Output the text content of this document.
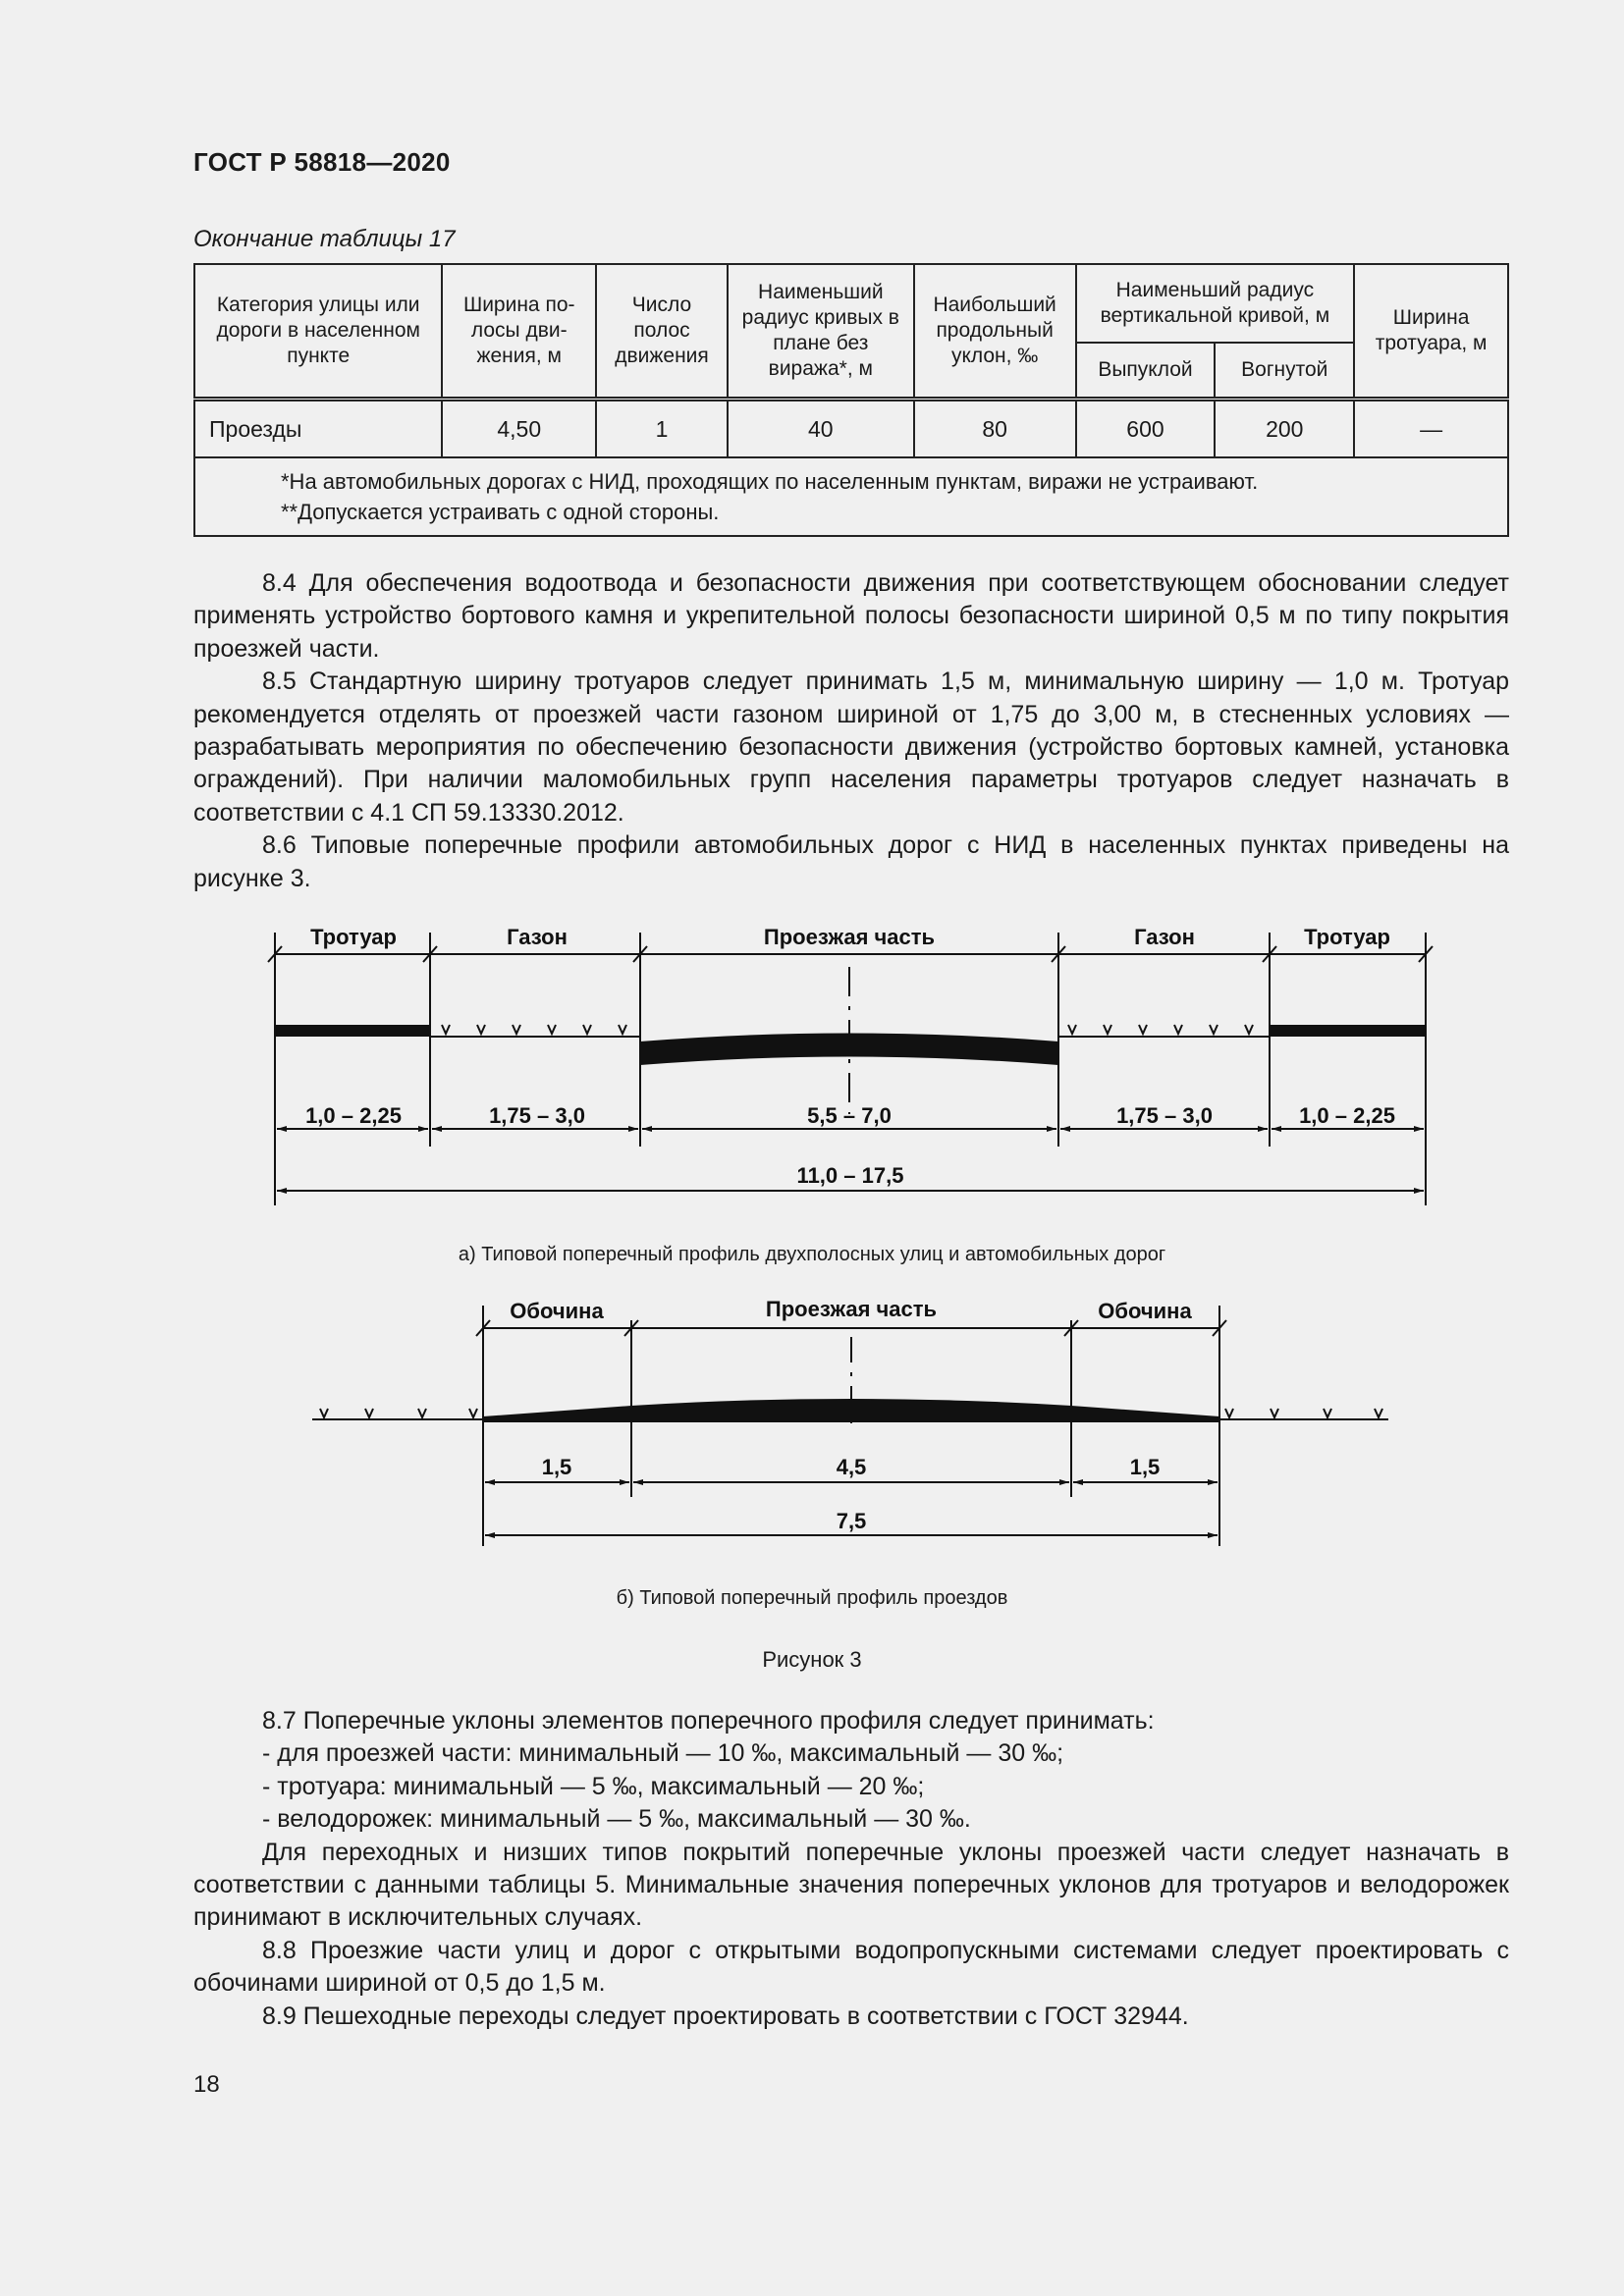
ГОСТ Р 58818—2020
Окончание таблицы 17
Категория улицы или дороги в населенном пункте	Ширина по-лосы дви-жения, м	Число полос движения	Наименьший радиус кривых в плане без виража*, м	Наибольший продольный уклон, ‰	Наименьший радиус вертикальной кривой, м		Ширина тротуара, м
					Выпуклой	Вогнутой	
Проезды	4,50	1	40	80	600	200	—

*На автомобильных дорогах с НИД, проходящих по населенным пунктам, виражи не устраивают.
**Допускается устраивать с одной стороны.							

8.4 Для обеспечения водоотвода и безопасности движения при соответствующем обосновании следует применять устройство бортового камня и укрепительной полосы безопасности шириной 0,5 м по типу покрытия проезжей части.

8.5 Стандартную ширину тротуаров следует принимать 1,5 м, минимальную ширину — 1,0 м. Тротуар рекомендуется отделять от проезжей части газоном шириной от 1,75 до 3,00 м, в стесненных условиях — разрабатывать мероприятия по обеспечению безопасности движения (устройство бортовых камней, установка ограждений). При наличии маломобильных групп населения параметры тротуаров следует назначать в соответствии с 4.1 СП 59.13330.2012.

8.6 Типовые поперечные профили автомобильных дорог с НИД в населенных пунктах приведены на рисунке 3.

Тротуар	Газон	Проезжая часть	Газон	Тротуар
1,0 – 2,25	1,75 – 3,0	5,5 – 7,0	1,75 – 3,0	1,0 – 2,25
11,0 – 17,5
а) Типовой поперечный профиль двухполосных улиц и автомобильных дорог
Обочина	Проезжая часть	Обочина
1,5	4,5	1,5
7,5
б) Типовой поперечный профиль проездов
Рисунок 3

8.7 Поперечные уклоны элементов поперечного профиля следует принимать:

- для проезжей части: минимальный — 10 ‰, максимальный — 30 ‰;

- тротуара: минимальный — 5 ‰, максимальный — 20 ‰;

- велодорожек: минимальный — 5 ‰, максимальный — 30 ‰.

Для переходных и низших типов покрытий поперечные уклоны проезжей части следует назначать в соответствии с данными таблицы 5. Минимальные значения поперечных уклонов для тротуаров и велодорожек принимают в исключительных случаях.

8.8 Проезжие части улиц и дорог с открытыми водопропускными системами следует проектировать с обочинами шириной от 0,5 до 1,5 м.

8.9 Пешеходные переходы следует проектировать в соответствии с ГОСТ 32944.

18
